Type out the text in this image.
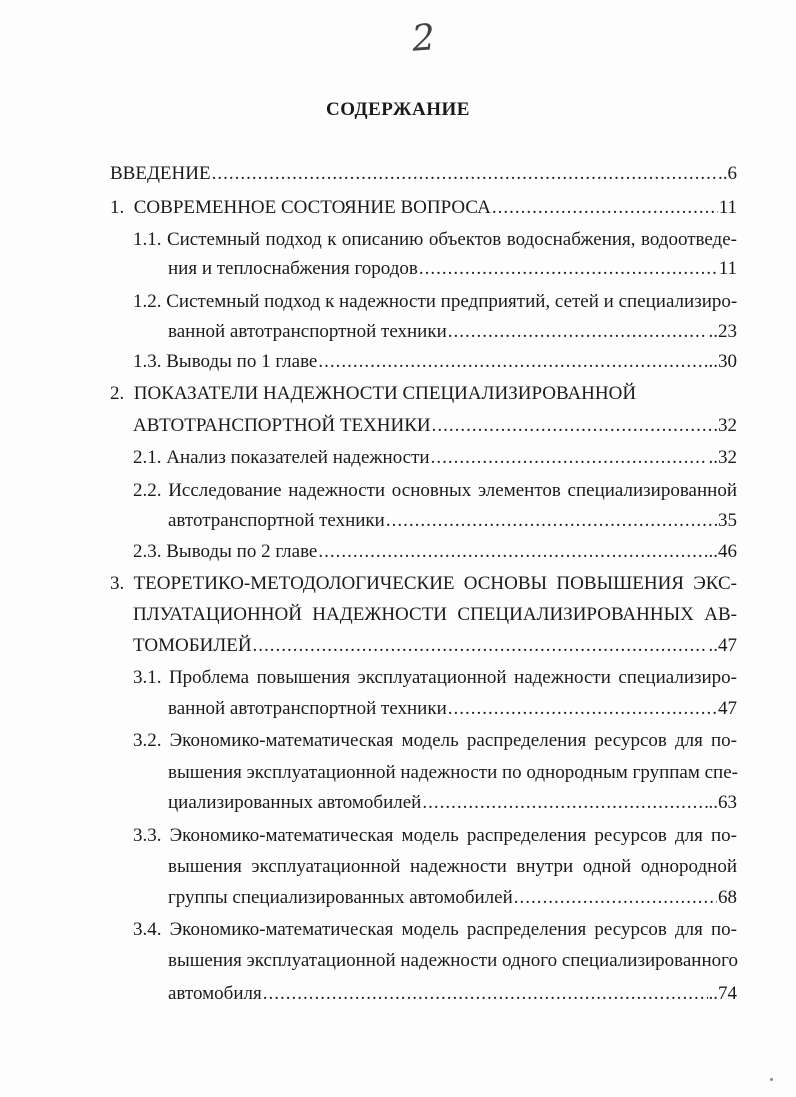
2
СОДЕРЖАНИЕ
ВВЕДЕНИЕ .....	..6
1.  СОВРЕМЕННОЕ СОСТОЯНИЕ ВОПРОСА .....	11
1.1. Системный подход к описанию объектов водоснабжения, водоотведе-
ния и теплоснабжения городов .....	11
1.2. Системный подход к надежности предприятий, сетей и специализиро-
ванной автотранспортной техники .....	..23
1.3. Выводы по 1 главе .....	...30
2.  ПОКАЗАТЕЛИ НАДЕЖНОСТИ СПЕЦИАЛИЗИРОВАННОЙ
АВТОТРАНСПОРТНОЙ ТЕХНИКИ .....	32
2.1. Анализ показателей надежности .....	..32
2.2. Исследование надежности основных элементов специализированной
автотранспортной техники .....	35
2.3. Выводы по 2 главе .....	...46
3. ТЕОРЕТИКО-МЕТОДОЛОГИЧЕСКИЕ ОСНОВЫ ПОВЫШЕНИЯ ЭКС-
ПЛУАТАЦИОННОЙ НАДЕЖНОСТИ СПЕЦИАЛИЗИРОВАННЫХ АВ-
ТОМОБИЛЕЙ .....	..47
3.1. Проблема повышения эксплуатационной надежности специализиро-
ванной автотранспортной техники .....	47
3.2. Экономико-математическая модель распределения ресурсов для по-
вышения эксплуатационной надежности по однородным группам спе-
циализированных автомобилей .....	..63
3.3. Экономико-математическая модель распределения ресурсов для по-
вышения эксплуатационной надежности внутри одной однородной
группы специализированных автомобилей .....	68
3.4. Экономико-математическая модель распределения ресурсов для по-
вышения эксплуатационной надежности одного специализированного
автомобиля .....	..74
